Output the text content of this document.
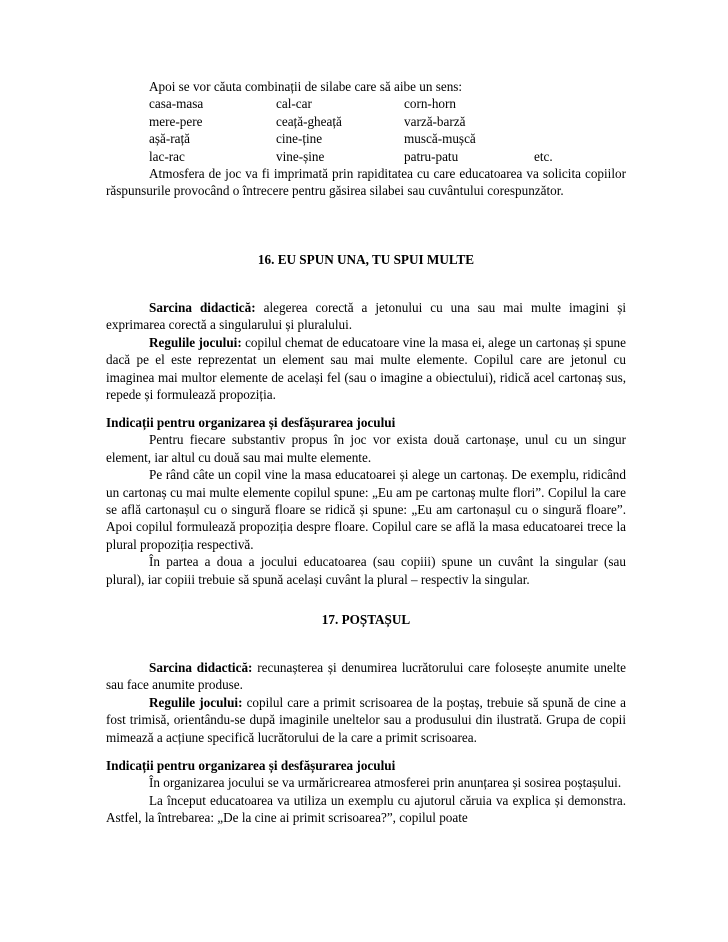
Apoi se vor căuta combinații de silabe care să aibe un sens:

casa-masa	cal-car	corn-horn
mere-pere	ceață-gheață	varză-barză
așă-rață	cine-ține	muscă-mușcă
lac-rac	vine-șine	patru-patu	etc.

Atmosfera de joc va fi imprimată prin rapiditatea cu care educatoarea va solicita copiilor răspunsurile provocând o întrecere pentru găsirea silabei sau cuvântului corespunzător.

16. EU SPUN UNA, TU SPUI MULTE

Sarcina didactică: alegerea corectă a jetonului cu una sau mai multe imagini și exprimarea corectă a singularului și pluralului.

Regulile jocului: copilul chemat de educatoare vine la masa ei, alege un cartonaș și spune dacă pe el este reprezentat un element sau mai multe elemente. Copilul care are jetonul cu imaginea mai multor elemente de același fel (sau o imagine a obiectului), ridică acel cartonaș sus, repede și formulează propoziția.

Indicații pentru organizarea și desfășurarea jocului

Pentru fiecare substantiv propus în joc vor exista două cartonașe, unul cu un singur element, iar altul cu două sau mai multe elemente.

Pe rând câte un copil vine la masa educatoarei și alege un cartonaș. De exemplu, ridicând un cartonaș cu mai multe elemente copilul spune: „Eu am pe cartonaș multe flori”. Copilul la care se află cartonașul cu o singură floare se ridică și spune: „Eu am cartonașul cu o singură floare”. Apoi copilul formulează propoziția despre floare. Copilul care se află la masa educatoarei trece la plural propoziția respectivă.

În partea a doua a jocului educatoarea (sau copiii) spune un cuvânt la singular (sau plural), iar copiii trebuie să spună același cuvânt la plural – respectiv la singular.

17. POȘTAȘUL

Sarcina didactică: recunașterea și denumirea lucrătorului care folosește anumite unelte sau face anumite produse.

Regulile jocului: copilul care a primit scrisoarea de la poștaș, trebuie să spună de cine a fost trimisă, orientându-se după imaginile uneltelor sau a produsului din ilustrată. Grupa de copii mimează a acțiune specifică lucrătorului de la care a primit scrisoarea.

Indicații pentru organizarea și desfășurarea jocului

În organizarea jocului se va urmăricrearea atmosferei prin anunțarea și sosirea poștașului.

La început educatoarea va utiliza un exemplu cu ajutorul căruia va explica și demonstra. Astfel, la întrebarea: „De la cine ai primit scrisoarea?”, copilul poate
